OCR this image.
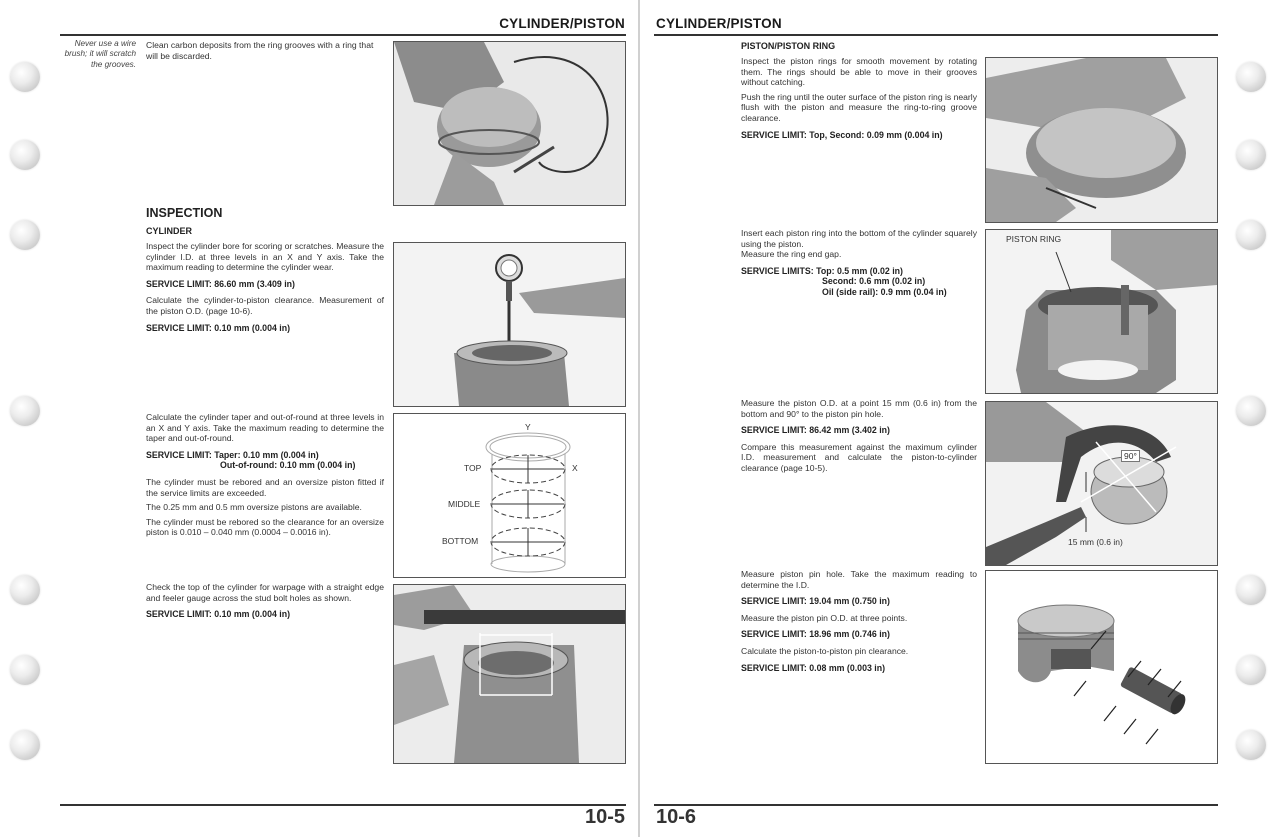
CYLINDER/PISTON
Never use a wire brush; it will scratch the grooves.
Clean carbon deposits from the ring grooves with a ring that will be discarded.
INSPECTION
CYLINDER

Inspect the cylinder bore for scoring or scratches. Measure the cylinder I.D. at three levels in an X and Y axis. Take the maximum reading to determine the cylinder wear.

SERVICE LIMIT: 86.60 mm (3.409 in)

Calculate the cylinder-to-piston clearance. Measurement of the piston O.D. (page 10-6).

SERVICE LIMIT: 0.10 mm (0.004 in)

Calculate the cylinder taper and out-of-round at three levels in an X and Y axis. Take the maximum reading to determine the taper and out-of-round.

SERVICE LIMIT: Taper: 0.10 mm (0.004 in)

Out-of-round: 0.10 mm (0.004 in)

The cylinder must be rebored and an oversize piston fitted if the service limits are exceeded.

The 0.25 mm and 0.5 mm oversize pistons are available.

The cylinder must be rebored so the clearance for an oversize piston is 0.010 – 0.040 mm (0.0004 – 0.0016 in).

Y
X
TOP
MIDDLE
BOTTOM

Check the top of the cylinder for warpage with a straight edge and feeler gauge across the stud bolt holes as shown.

SERVICE LIMIT: 0.10 mm (0.004 in)

10-5
CYLINDER/PISTON
PISTON/PISTON RING

Inspect the piston rings for smooth movement by rotating them. The rings should be able to move in their grooves without catching.

Push the ring until the outer surface of the piston ring is nearly flush with the piston and measure the ring-to-ring groove clearance.

SERVICE LIMIT: Top, Second: 0.09 mm (0.004 in)

Insert each piston ring into the bottom of the cylinder squarely using the piston.

Measure the ring end gap.

SERVICE LIMITS: Top: 0.5 mm (0.02 in)

Second: 0.6 mm (0.02 in)

Oil (side rail): 0.9 mm (0.04 in)

PISTON RING

Measure the piston O.D. at a point 15 mm (0.6 in) from the bottom and 90° to the piston pin hole.

SERVICE LIMIT: 86.42 mm (3.402 in)

Compare this measurement against the maximum cylinder I.D. measurement and calculate the piston-to-cylinder clearance (page 10-5).

90°
15 mm (0.6 in)

Measure piston pin hole. Take the maximum reading to determine the I.D.

SERVICE LIMIT: 19.04 mm (0.750 in)

Measure the piston pin O.D. at three points.

SERVICE LIMIT: 18.96 mm (0.746 in)

Calculate the piston-to-piston pin clearance.

SERVICE LIMIT: 0.08 mm (0.003 in)

10-6
